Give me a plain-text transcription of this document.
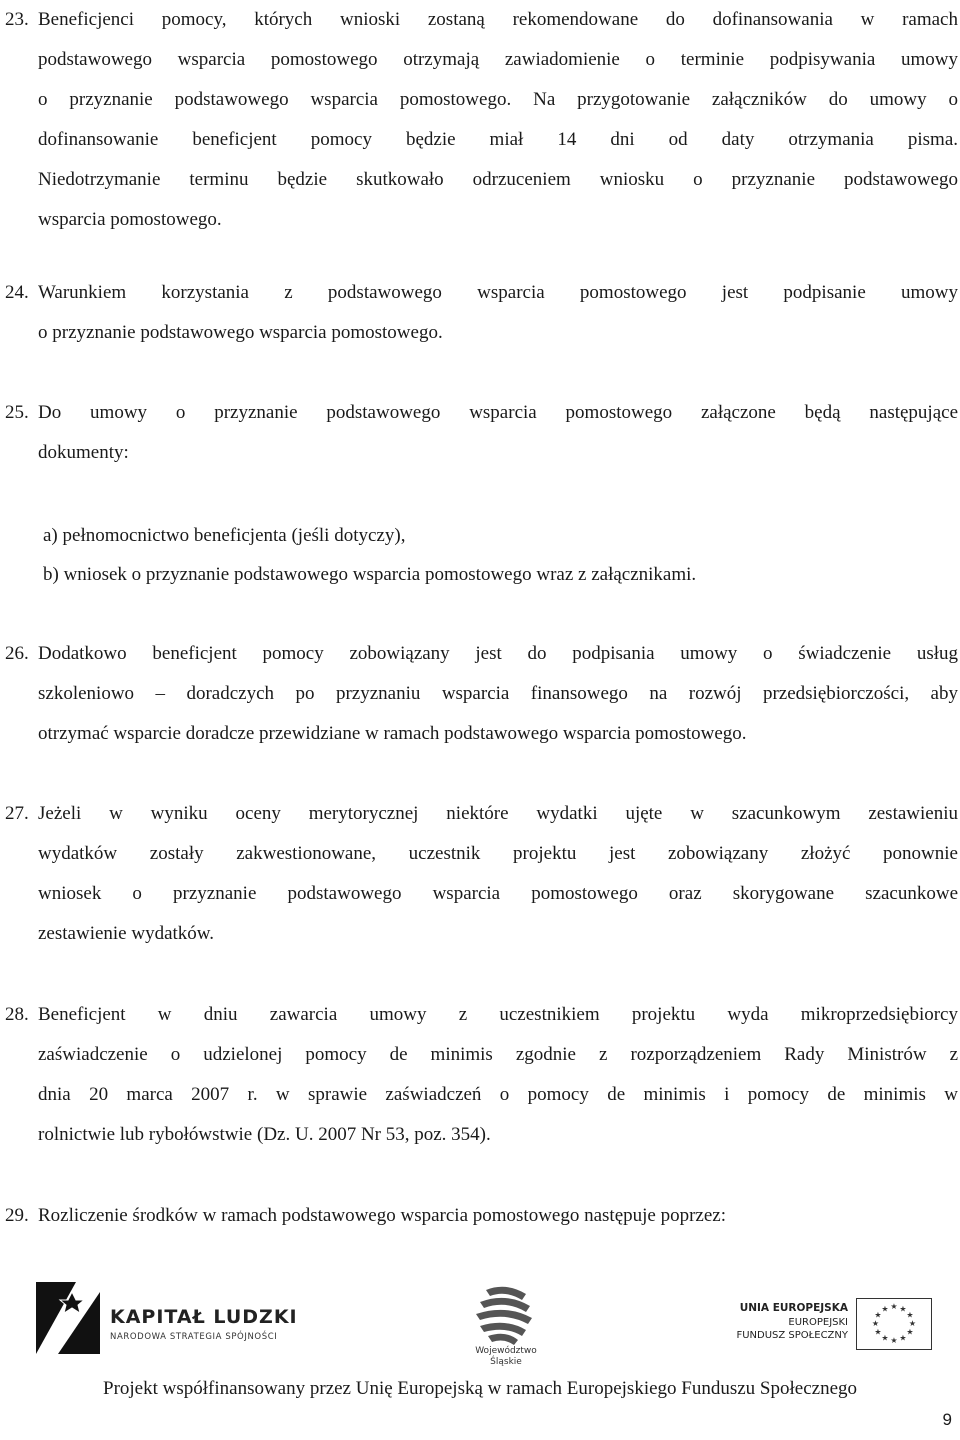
23. Beneficjenci pomocy, których wnioski zostaną rekomendowane do dofinansowania w ramach
podstawowego wsparcia pomostowego otrzymają zawiadomienie o terminie podpisywania umowy
o przyznanie podstawowego wsparcia pomostowego. Na przygotowanie załączników do umowy o
dofinansowanie beneficjent pomocy będzie miał 14 dni od daty otrzymania pisma.
Niedotrzymanie terminu będzie skutkowało odrzuceniem wniosku o przyznanie podstawowego
wsparcia pomostowego.
24. Warunkiem korzystania z podstawowego wsparcia pomostowego jest podpisanie umowy
o przyznanie podstawowego wsparcia pomostowego.
25. Do umowy o przyznanie podstawowego wsparcia pomostowego załączone będą następujące
dokumenty:
a) pełnomocnictwo beneficjenta (jeśli dotyczy),
b) wniosek o przyznanie podstawowego wsparcia pomostowego wraz z załącznikami.
26. Dodatkowo beneficjent pomocy zobowiązany jest do podpisania umowy o świadczenie usług
szkoleniowo – doradczych po przyznaniu wsparcia finansowego na rozwój przedsiębiorczości, aby
otrzymać wsparcie doradcze przewidziane w ramach podstawowego wsparcia pomostowego.
27. Jeżeli w wyniku oceny merytorycznej niektóre wydatki ujęte w szacunkowym zestawieniu
wydatków zostały zakwestionowane, uczestnik projektu jest zobowiązany złożyć ponownie
wniosek o przyznanie podstawowego wsparcia pomostowego oraz skorygowane szacunkowe
zestawienie wydatków.
28. Beneficjent w dniu zawarcia umowy z uczestnikiem projektu wyda mikroprzedsiębiorcy
zaświadczenie o udzielonej pomocy de minimis zgodnie z rozporządzeniem Rady Ministrów z
dnia 20 marca 2007 r. w sprawie zaświadczeń o pomocy de minimis i pomocy de minimis w
rolnictwie lub rybołówstwie (Dz. U. 2007 Nr 53, poz. 354).
29. Rozliczenie środków w ramach podstawowego wsparcia pomostowego następuje poprzez:
KAPITAŁ LUDZKI
NARODOWA STRATEGIA SPÓJNOŚCI
Województwo
Śląskie
UNIA EUROPEJSKA
EUROPEJSKI
FUNDUSZ SPOŁECZNY
★ ★
★
★
★
★
★
★
★
★
★
★
Projekt współfinansowany przez Unię Europejską w ramach Europejskiego Funduszu Społecznego
9
